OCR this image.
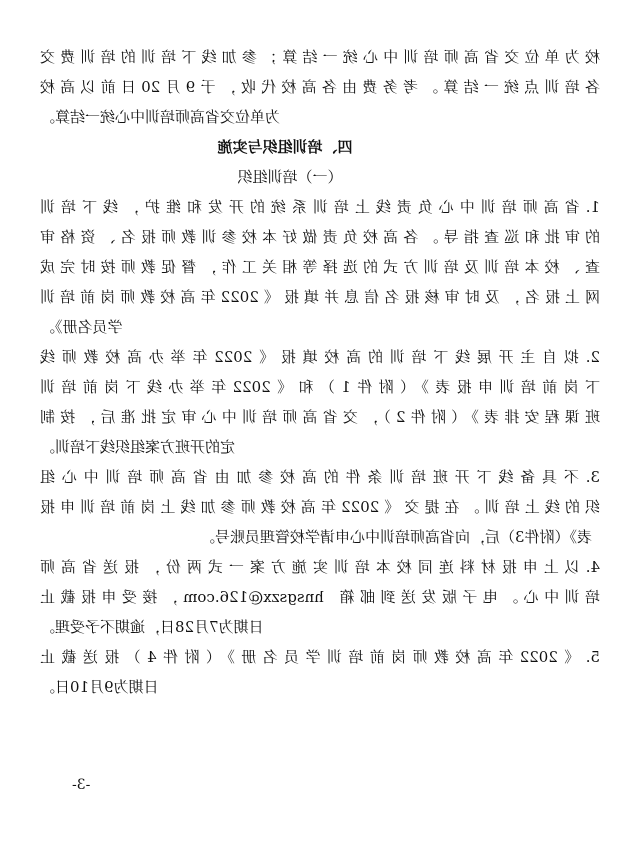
校为单位交省高师培训中心统一结算；参加线下培训的培训费交
各培训点统一结算。考务费由各高校代收，于9月20日前以高校
为单位交省高师培训中心统一结算。
四、培训组织与实施
（一）培训组织
1.省高师培训中心负责线上培训系统的开发和维护，线下培训
的审批和巡查指导。各高校负责做好本校参训教师报名、资格审
查、校本培训及培训方式的选择等相关工作，督促教师按时完成
网上报名，及时审核报名信息并填报《2022年高校教师岗前培训
学员名册》。
2.拟自主开展线下培训的高校填报《2022年举办高校教师线
下岗前培训申报表》（附件1）和《2022年举办线下岗前培训
班课程安排表》（附件2），交省高师培训中心审定批准后，按制
定的开班方案组织线下培训。
3.不具备线下开班培训条件的高校参加由省高师培训中心组
织的线上培训。在提交《2022年高校教师参加线上岗前培训申报
表》（附件3）后，向省高师培训中心申请学校管理员账号。
4.以上申报材料连同校本培训实施方案一式两份，报送省高师
培训中心。电子版发送到邮箱 hnsgszx@126.com，接受申报截止
日期为7月28日，逾期不予受理。
5.《2022年高校教师岗前培训学员名册》（附件4）报送截止
日期为9月10日。
-3-
